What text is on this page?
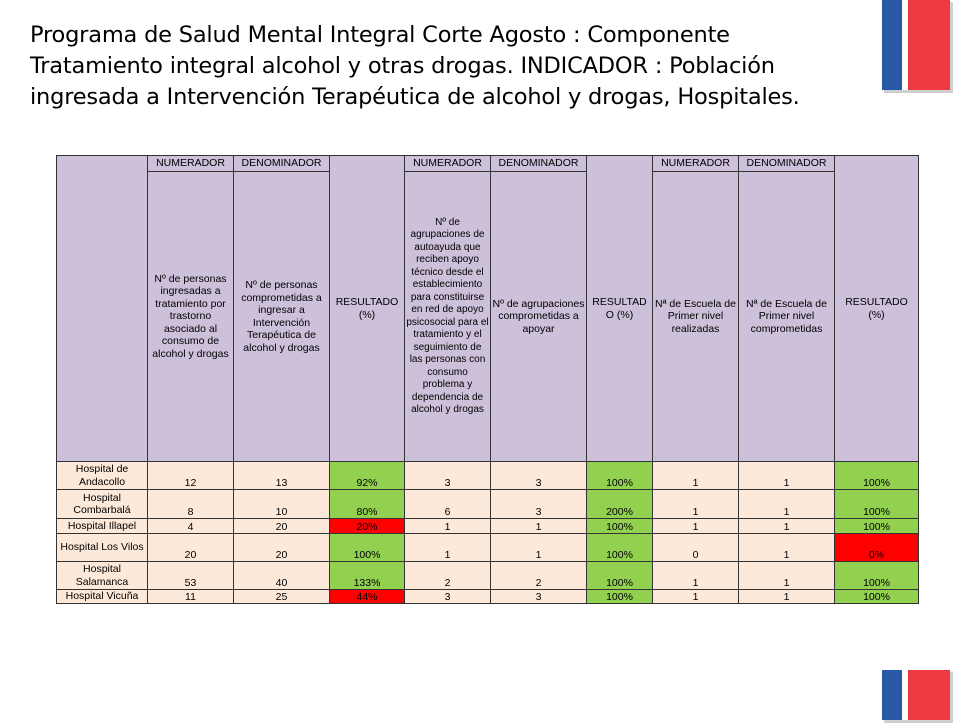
Programa de Salud Mental Integral Corte Agosto : Componente Tratamiento integral alcohol y otras drogas. INDICADOR : Población ingresada a Intervención Terapéutica de alcohol y drogas, Hospitales.
	NUMERADOR	DENOMINADOR	RESULTADO (%)	NUMERADOR	DENOMINADOR	RESULTAD O (%)	NUMERADOR	DENOMINADOR	RESULTADO (%)
	Nº de personas ingresadas a tratamiento por trastorno asociado al consumo de alcohol y drogas	Nº de personas comprometidas a ingresar a Intervención Terapéutica de alcohol y drogas		Nº de agrupaciones de autoayuda que reciben apoyo técnico desde el establecimiento para constituirse en red de apoyo psicosocial para el tratamiento y el seguimiento de las personas con consumo problema y dependencia de alcohol y drogas	Nº de agrupaciones comprometidas a apoyar		Nª de Escuela de Primer nivel realizadas	Nª de Escuela de Primer nivel comprometidas	
Hospital de Andacollo	12	13	92%	3	3	100%	1	1	100%
Hospital Combarbalá	8	10	80%	6	3	200%	1	1	100%
Hospital Illapel	4	20	20%	1	1	100%	1	1	100%
Hospital Los Vilos	20	20	100%	1	1	100%	0	1	0%
Hospital Salamanca	53	40	133%	2	2	100%	1	1	100%
Hospital Vicuña	11	25	44%	3	3	100%	1	1	100%
